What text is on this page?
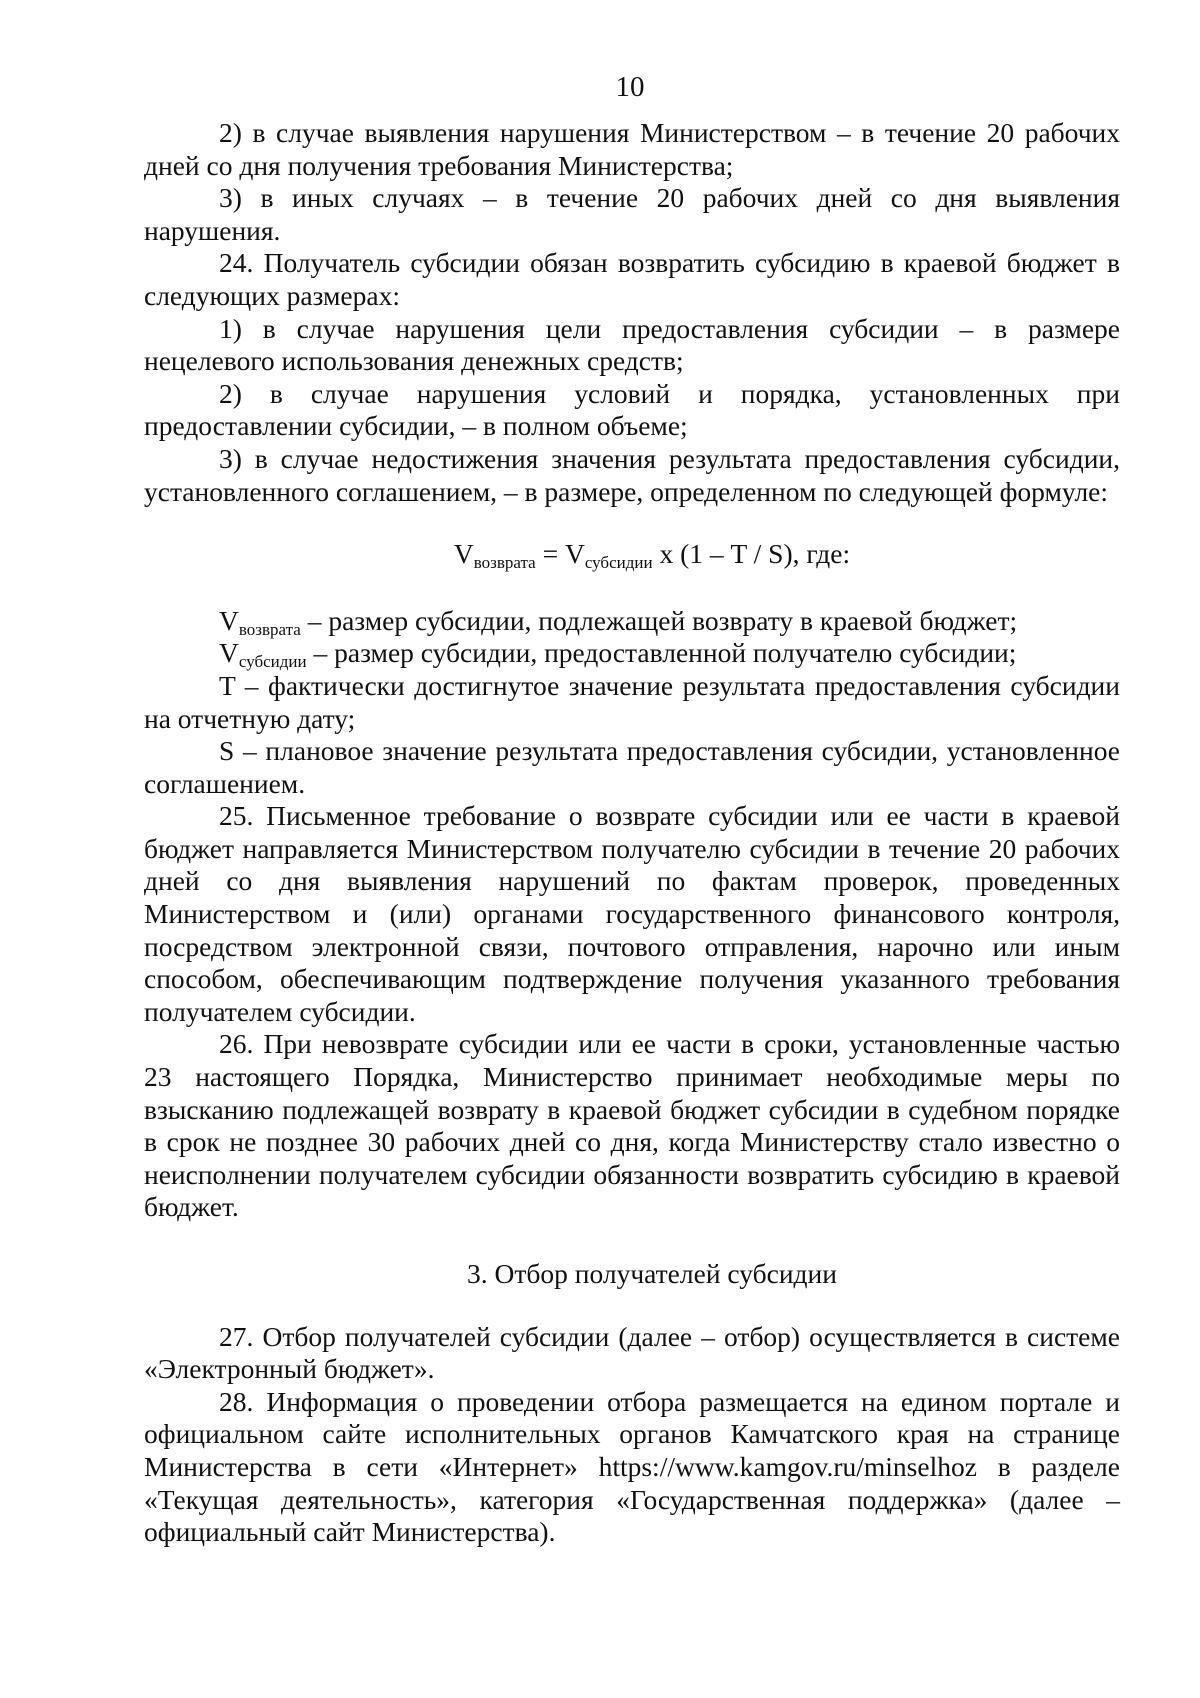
10

2) в случае выявления нарушения Министерством – в течение 20 рабочих дней со дня получения требования Министерства;

3) в иных случаях – в течение 20 рабочих дней со дня выявления нарушения.

24. Получатель субсидии обязан возвратить субсидию в краевой бюджет в следующих размерах:

1) в случае нарушения цели предоставления субсидии – в размере нецелевого использования денежных средств;

2) в случае нарушения условий и порядка, установленных при предоставлении субсидии, – в полном объеме;

3) в случае недостижения значения результата предоставления субсидии, установленного соглашением, – в размере, определенном по следующей формуле:

$V_{возврата} = V_{субсидии}$ х (1 – T / S), где:

$V_{возврата}$ – размер субсидии, подлежащей возврату в краевой бюджет;

$V_{субсидии}$ – размер субсидии, предоставленной получателю субсидии;

T – фактически достигнутое значение результата предоставления субсидии на отчетную дату;

S – плановое значение результата предоставления субсидии, установленное соглашением.

25. Письменное требование о возврате субсидии или ее части в краевой бюджет направляется Министерством получателю субсидии в течение 20 рабочих дней со дня выявления нарушений по фактам проверок, проведенных Министерством и (или) органами государственного финансового контроля, посредством электронной связи, почтового отправления, нарочно или иным способом, обеспечивающим подтверждение получения указанного требования получателем субсидии.

26. При невозврате субсидии или ее части в сроки, установленные частью 23 настоящего Порядка, Министерство принимает необходимые меры по взысканию подлежащей возврату в краевой бюджет субсидии в судебном порядке в срок не позднее 30 рабочих дней со дня, когда Министерству стало известно о неисполнении получателем субсидии обязанности возвратить субсидию в краевой бюджет.

3. Отбор получателей субсидии

27. Отбор получателей субсидии (далее – отбор) осуществляется в системе «Электронный бюджет».

28. Информация о проведении отбора размещается на едином портале и официальном сайте исполнительных органов Камчатского края на странице Министерства в сети «Интернет» https://www.kamgov.ru/minselhoz в разделе «Текущая деятельность», категория «Государственная поддержка» (далее – официальный сайт Министерства).
